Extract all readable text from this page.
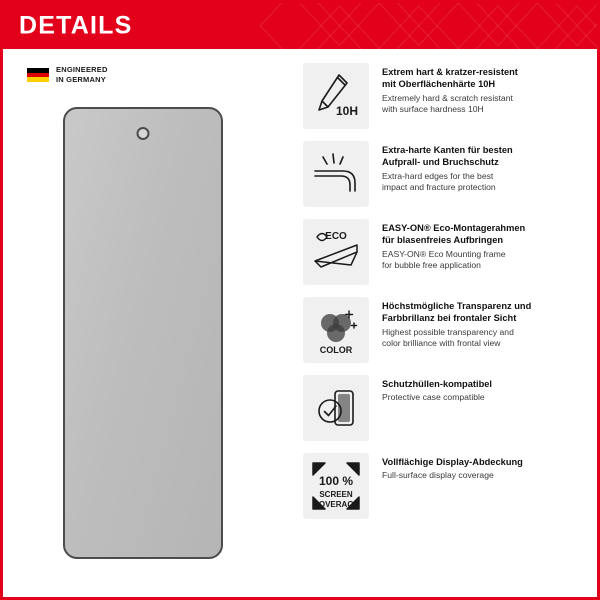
DETAILS
ENGINEERED
IN GERMANY
10H

Extrem hart & kratzer-resistent
mit Oberflächenhärte 10H

Extremely hard & scratch resistant
with surface hardness 10H

Extra-harte Kanten für besten
Aufprall- und Bruchschutz

Extra-hard edges for the best
impact and fracture protection

ECO

EASY-ON® Eco-Montagerahmen
für blasenfreies Aufbringen

EASY-ON® Eco Mounting frame
for bubble free application

COLOR

Höchstmögliche Transparenz und
Farbbrillanz bei frontaler Sicht

Highest possible transparency and
color brilliance with frontal view

Schutzhüllen-kompatibel

Protective case compatible

100 %
SCREEN
COVERAGE

Vollflächige Display-Abdeckung

Full-surface display coverage
